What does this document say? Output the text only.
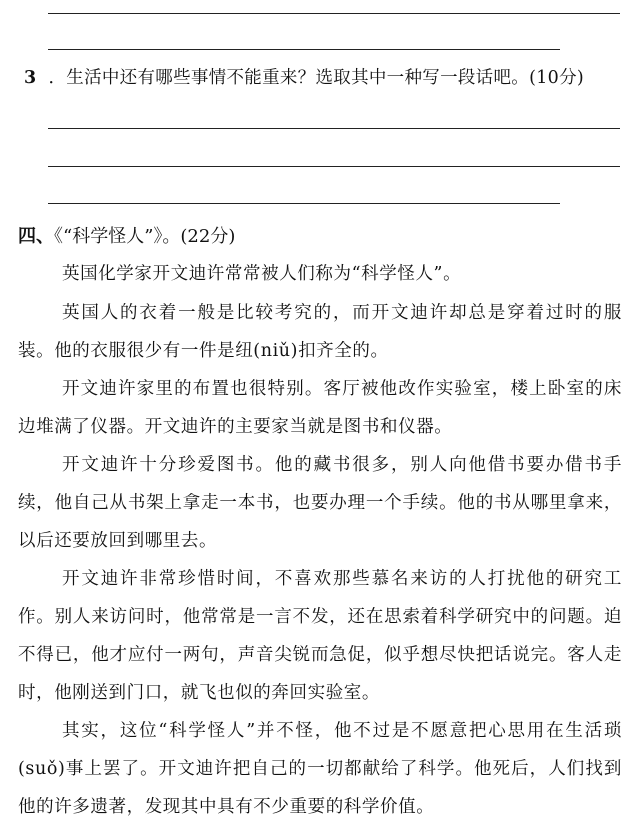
3 ．生活中还有哪些事情不能重来？选取其中一种写一段话吧。(10分)
四、《“科学怪人”》。(22分)

英国化学家开文迪许常常被人们称为“科学怪人”。

英国人的衣着一般是比较考究的，而开文迪许却总是穿着过时的服装。他的衣服很少有一件是纽(niǔ)扣齐全的。

开文迪许家里的布置也很特别。客厅被他改作实验室，楼上卧室的床边堆满了仪器。开文迪许的主要家当就是图书和仪器。

开文迪许十分珍爱图书。他的藏书很多，别人向他借书要办借书手续，他自己从书架上拿走一本书，也要办理一个手续。他的书从哪里拿来，以后还要放回到哪里去。

开文迪许非常珍惜时间，不喜欢那些慕名来访的人打扰他的研究工作。别人来访问时，他常常是一言不发，还在思索着科学研究中的问题。迫不得已，他才应付一两句，声音尖锐而急促，似乎想尽快把话说完。客人走时，他刚送到门口，就飞也似的奔回实验室。

其实，这位“科学怪人”并不怪，他不过是不愿意把心思用在生活琐(suǒ)事上罢了。开文迪许把自己的一切都献给了科学。他死后，人们找到他的许多遗著，发现其中具有不少重要的科学价值。
